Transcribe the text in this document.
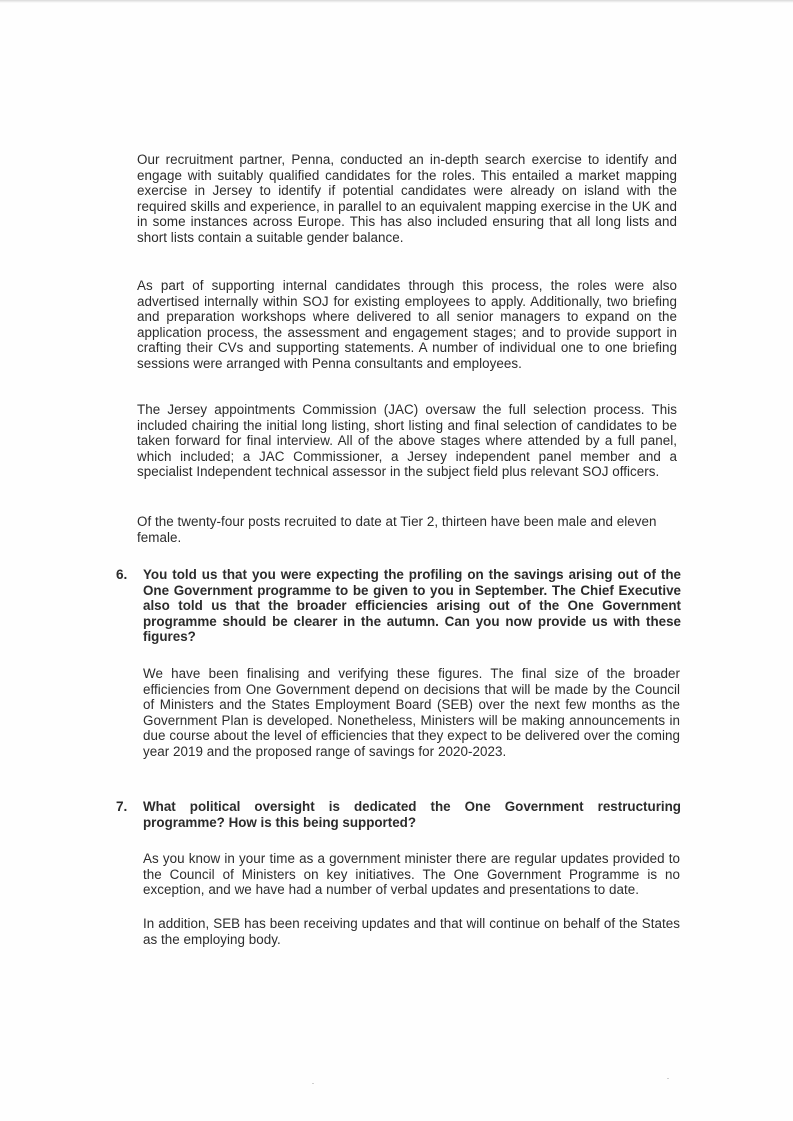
Our recruitment partner, Penna, conducted an in-depth search exercise to identify and engage with suitably qualified candidates for the roles. This entailed a market mapping exercise in Jersey to identify if potential candidates were already on island with the required skills and experience, in parallel to an equivalent mapping exercise in the UK and in some instances across Europe. This has also included ensuring that all long lists and short lists contain a suitable gender balance.

As part of supporting internal candidates through this process, the roles were also advertised internally within SOJ for existing employees to apply. Additionally, two briefing and preparation workshops where delivered to all senior managers to expand on the application process, the assessment and engagement stages; and to provide support in crafting their CVs and supporting statements. A number of individual one to one briefing sessions were arranged with Penna consultants and employees.

The Jersey appointments Commission (JAC) oversaw the full selection process. This included chairing the initial long listing, short listing and final selection of candidates to be taken forward for final interview. All of the above stages where attended by a full panel, which included; a JAC Commissioner, a Jersey independent panel member and a specialist Independent technical assessor in the subject field plus relevant SOJ officers.

Of the twenty-four posts recruited to date at Tier 2, thirteen have been male and eleven female.

6. You told us that you were expecting the profiling on the savings arising out of the One Government programme to be given to you in September. The Chief Executive also told us that the broader efficiencies arising out of the One Government programme should be clearer in the autumn. Can you now provide us with these figures?

We have been finalising and verifying these figures. The final size of the broader efficiencies from One Government depend on decisions that will be made by the Council of Ministers and the States Employment Board (SEB) over the next few months as the Government Plan is developed. Nonetheless, Ministers will be making announcements in due course about the level of efficiencies that they expect to be delivered over the coming year 2019 and the proposed range of savings for 2020-2023.

7. What political oversight is dedicated the One Government restructuring programme? How is this being supported?

As you know in your time as a government minister there are regular updates provided to the Council of Ministers on key initiatives. The One Government Programme is no exception, and we have had a number of verbal updates and presentations to date.

In addition, SEB has been receiving updates and that will continue on behalf of the States as the employing body.
